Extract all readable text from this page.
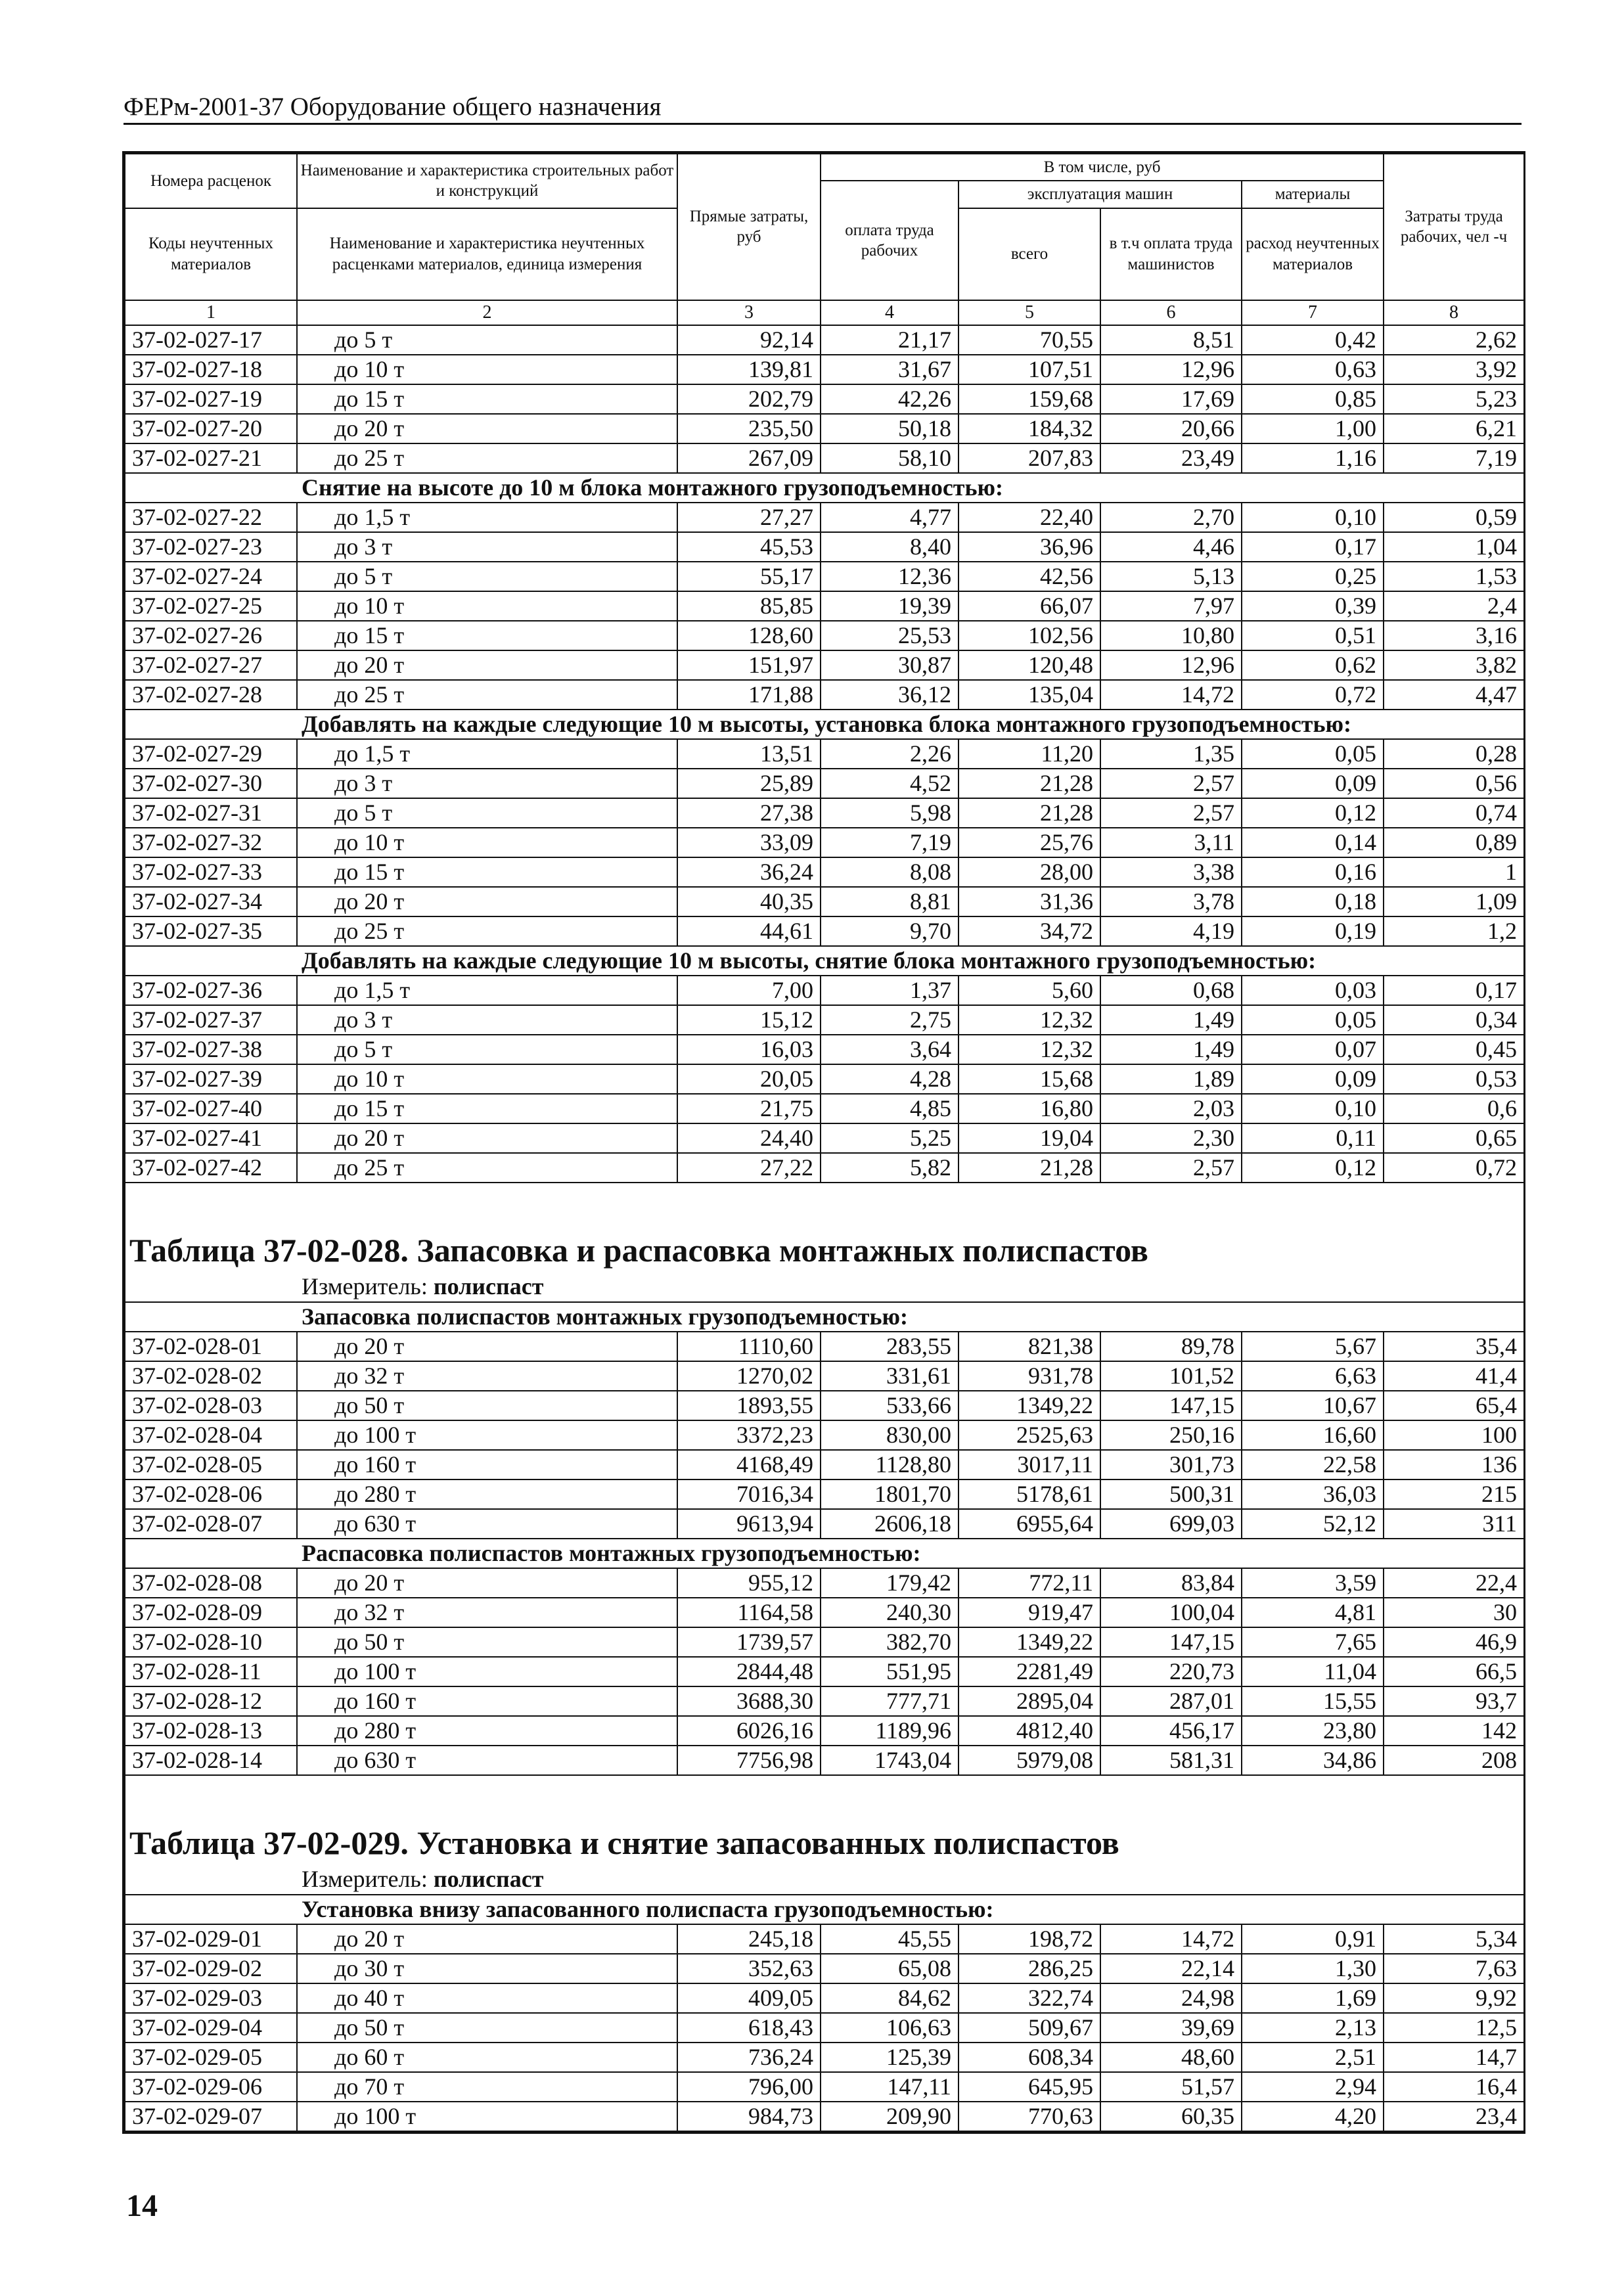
ФЕРм-2001-37 Оборудование общего назначения
Номера расценок	Наименование и характеристика строительных работ и конструкций	Прямые затраты, руб	В том числе, руб				Затраты труда рабочих, чел -ч
			оплата труда рабочих	эксплуатация машин		материалы	
Коды неучтенных материалов	Наименование и характеристика неучтенных расценками материалов, единица измерения			всего	в т.ч оплата труда машинистов	расход неучтенных материалов	

1	2	3	4	5	6	7	8
37-02-027-17	до 5 т	92,14	21,17	70,55	8,51	0,42	2,62
37-02-027-18	до 10 т	139,81	31,67	107,51	12,96	0,63	3,92
37-02-027-19	до 15 т	202,79	42,26	159,68	17,69	0,85	5,23
37-02-027-20	до 20 т	235,50	50,18	184,32	20,66	1,00	6,21
37-02-027-21	до 25 т	267,09	58,10	207,83	23,49	1,16	7,19
Снятие на высоте до 10 м блока монтажного грузоподъемностью:							
37-02-027-22	до 1,5 т	27,27	4,77	22,40	2,70	0,10	0,59
37-02-027-23	до 3 т	45,53	8,40	36,96	4,46	0,17	1,04
37-02-027-24	до 5 т	55,17	12,36	42,56	5,13	0,25	1,53
37-02-027-25	до 10 т	85,85	19,39	66,07	7,97	0,39	2,4
37-02-027-26	до 15 т	128,60	25,53	102,56	10,80	0,51	3,16
37-02-027-27	до 20 т	151,97	30,87	120,48	12,96	0,62	3,82
37-02-027-28	до 25 т	171,88	36,12	135,04	14,72	0,72	4,47
Добавлять на каждые следующие 10 м высоты, установка блока монтажного грузоподъемностью:							
37-02-027-29	до 1,5 т	13,51	2,26	11,20	1,35	0,05	0,28
37-02-027-30	до 3 т	25,89	4,52	21,28	2,57	0,09	0,56
37-02-027-31	до 5 т	27,38	5,98	21,28	2,57	0,12	0,74
37-02-027-32	до 10 т	33,09	7,19	25,76	3,11	0,14	0,89
37-02-027-33	до 15 т	36,24	8,08	28,00	3,38	0,16	1
37-02-027-34	до 20 т	40,35	8,81	31,36	3,78	0,18	1,09
37-02-027-35	до 25 т	44,61	9,70	34,72	4,19	0,19	1,2
Добавлять на каждые следующие 10 м высоты, снятие блока монтажного грузоподъемностью:							
37-02-027-36	до 1,5 т	7,00	1,37	5,60	0,68	0,03	0,17
37-02-027-37	до 3 т	15,12	2,75	12,32	1,49	0,05	0,34
37-02-027-38	до 5 т	16,03	3,64	12,32	1,49	0,07	0,45
37-02-027-39	до 10 т	20,05	4,28	15,68	1,89	0,09	0,53
37-02-027-40	до 15 т	21,75	4,85	16,80	2,03	0,10	0,6
37-02-027-41	до 20 т	24,40	5,25	19,04	2,30	0,11	0,65
37-02-027-42	до 25 т	27,22	5,82	21,28	2,57	0,12	0,72

Таблица 37-02-028. Запасовка и распасовка монтажных полиспастов							
Измеритель: полиспаст							
Запасовка полиспастов монтажных грузоподъемностью:							
37-02-028-01	до 20 т	1110,60	283,55	821,38	89,78	5,67	35,4
37-02-028-02	до 32 т	1270,02	331,61	931,78	101,52	6,63	41,4
37-02-028-03	до 50 т	1893,55	533,66	1349,22	147,15	10,67	65,4
37-02-028-04	до 100 т	3372,23	830,00	2525,63	250,16	16,60	100
37-02-028-05	до 160 т	4168,49	1128,80	3017,11	301,73	22,58	136
37-02-028-06	до 280 т	7016,34	1801,70	5178,61	500,31	36,03	215
37-02-028-07	до 630 т	9613,94	2606,18	6955,64	699,03	52,12	311
Распасовка полиспастов монтажных грузоподъемностью:							
37-02-028-08	до 20 т	955,12	179,42	772,11	83,84	3,59	22,4
37-02-028-09	до 32 т	1164,58	240,30	919,47	100,04	4,81	30
37-02-028-10	до 50 т	1739,57	382,70	1349,22	147,15	7,65	46,9
37-02-028-11	до 100 т	2844,48	551,95	2281,49	220,73	11,04	66,5
37-02-028-12	до 160 т	3688,30	777,71	2895,04	287,01	15,55	93,7
37-02-028-13	до 280 т	6026,16	1189,96	4812,40	456,17	23,80	142
37-02-028-14	до 630 т	7756,98	1743,04	5979,08	581,31	34,86	208

Таблица 37-02-029. Установка и снятие запасованных полиспастов							
Измеритель: полиспаст							
Установка внизу запасованного полиспаста грузоподъемностью:							
37-02-029-01	до 20 т	245,18	45,55	198,72	14,72	0,91	5,34
37-02-029-02	до 30 т	352,63	65,08	286,25	22,14	1,30	7,63
37-02-029-03	до 40 т	409,05	84,62	322,74	24,98	1,69	9,92
37-02-029-04	до 50 т	618,43	106,63	509,67	39,69	2,13	12,5
37-02-029-05	до 60 т	736,24	125,39	608,34	48,60	2,51	14,7
37-02-029-06	до 70 т	796,00	147,11	645,95	51,57	2,94	16,4
37-02-029-07	до 100 т	984,73	209,90	770,63	60,35	4,20	23,4
14
